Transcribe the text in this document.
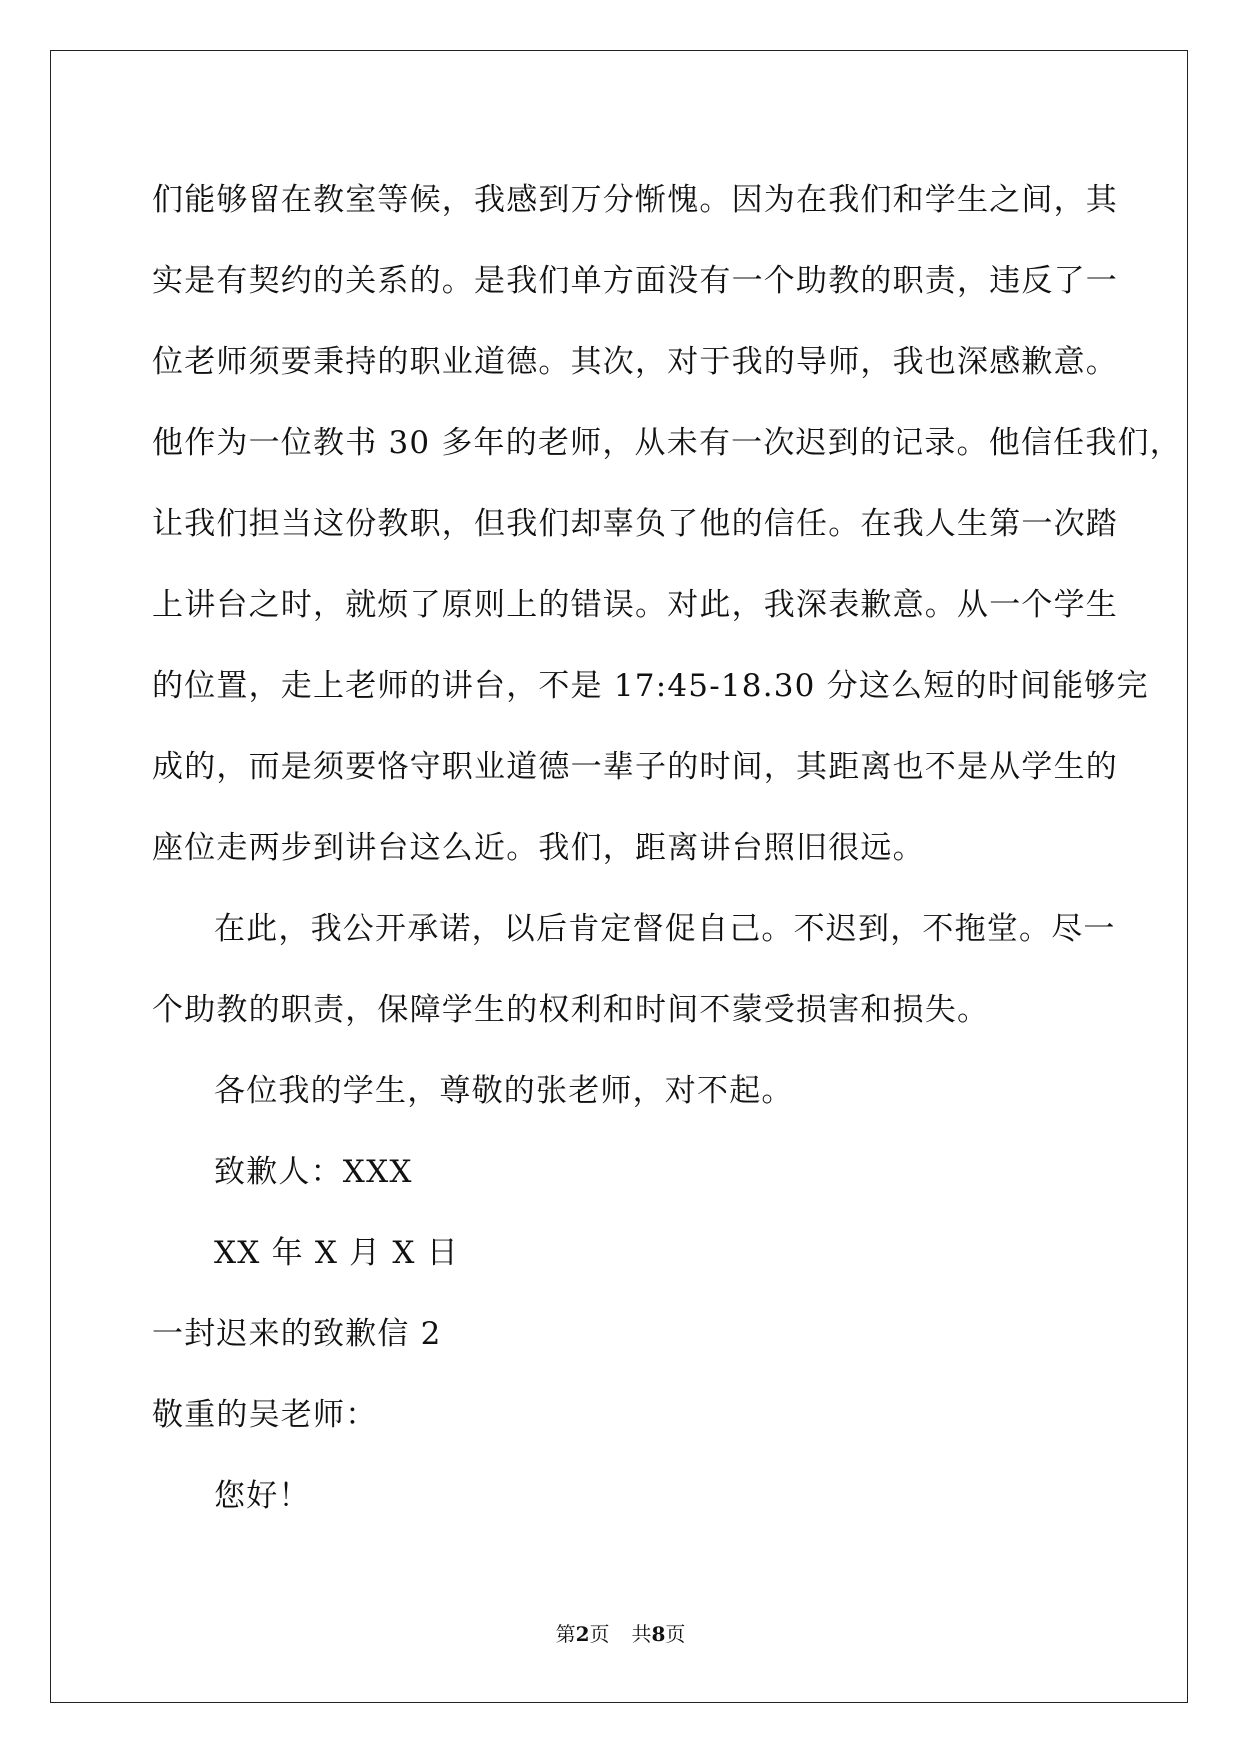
们能够留在教室等候，我感到万分惭愧。因为在我们和学生之间，其
实是有契约的关系的。是我们单方面没有一个助教的职责，违反了一
位老师须要秉持的职业道德。其次，对于我的导师，我也深感歉意。
他作为一位教书 30 多年的老师，从未有一次迟到的记录。他信任我们，
让我们担当这份教职，但我们却辜负了他的信任。在我人生第一次踏
上讲台之时，就烦了原则上的错误。对此，我深表歉意。从一个学生
的位置，走上老师的讲台，不是 17:45-18.30 分这么短的时间能够完
成的，而是须要恪守职业道德一辈子的时间，其距离也不是从学生的
座位走两步到讲台这么近。我们，距离讲台照旧很远。
在此，我公开承诺，以后肯定督促自己。不迟到，不拖堂。尽一
个助教的职责，保障学生的权利和时间不蒙受损害和损失。
各位我的学生，尊敬的张老师，对不起。
致歉人：XXX
XX 年 X 月 X 日
一封迟来的致歉信 2
敬重的吴老师：
您好！
第2页 共8页
